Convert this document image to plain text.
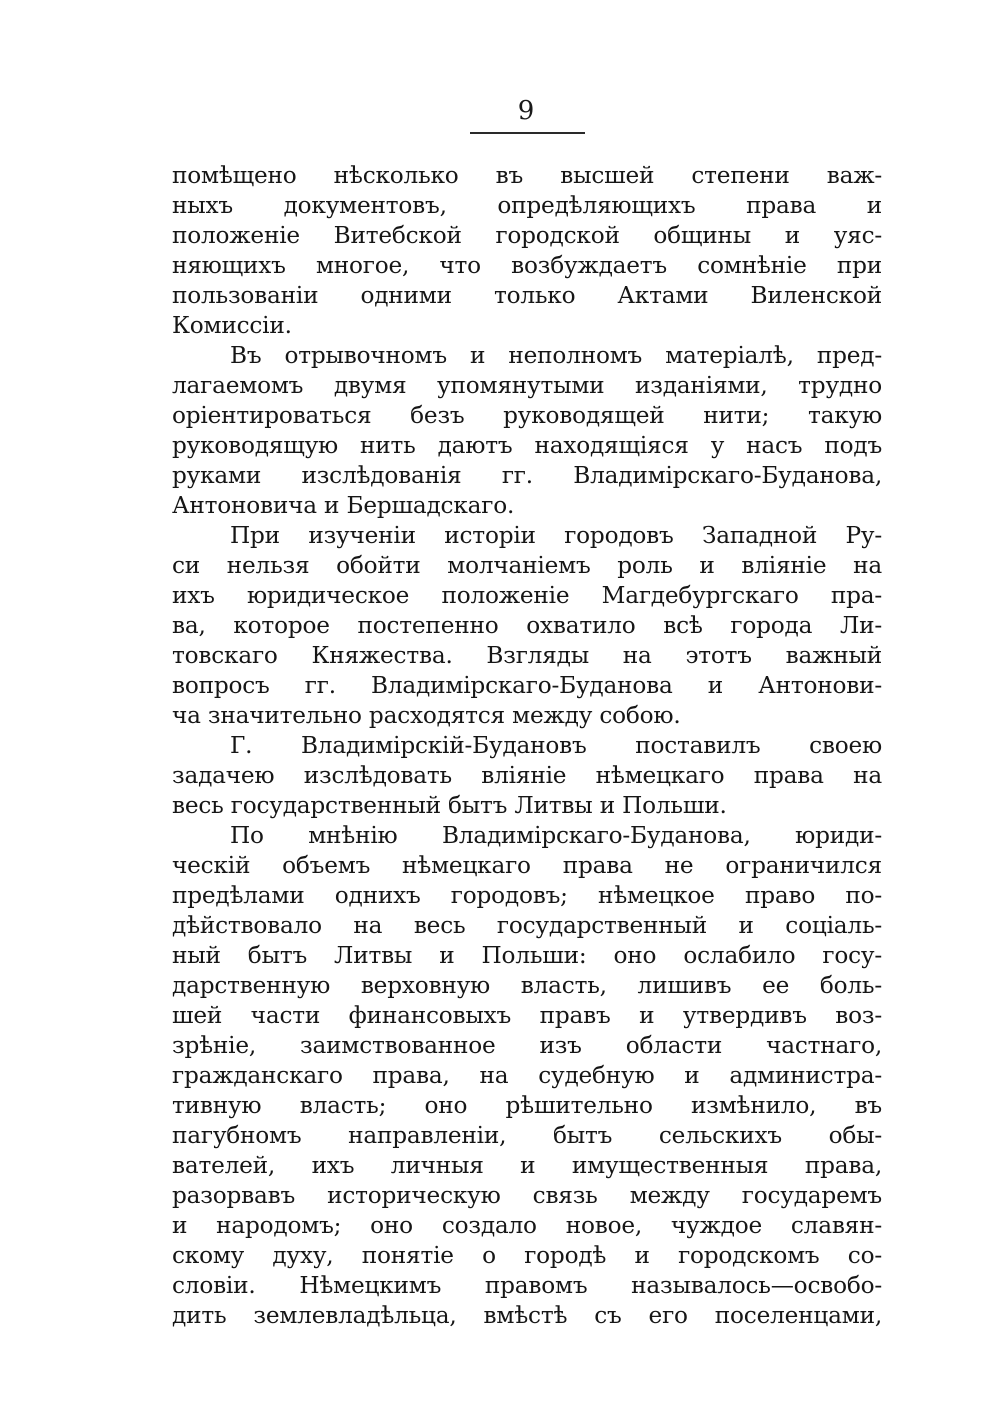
9
помѣщено нѣсколько въ высшей степени важ-
ныхъ документовъ, опредѣляющихъ права и
положеніе Витебской городской общины и уяс-
няющихъ многое, что возбуждаетъ сомнѣніе при
пользованіи одними только Актами Виленской
Комиссіи.
Въ отрывочномъ и неполномъ матеріалѣ, пред-
лагаемомъ двумя упомянутыми изданіями, трудно
оріентироваться безъ руководящей нити; такую
руководящую нить даютъ находящіяся у насъ подъ
руками изслѣдованія гг. Владимірскаго-Буданова,
Антоновича и Бершадскаго.
При изученіи исторіи городовъ Западной Ру-
си нельзя обойти молчаніемъ роль и вліяніе на
ихъ юридическое положеніе Магдебургскаго пра-
ва, которое постепенно охватило всѣ города Ли-
товскаго Княжества. Взгляды на этотъ важный
вопросъ гг. Владимірскаго-Буданова и Антонови-
ча значительно расходятся между собою.
Г. Владимірскій-Будановъ поставилъ своею
задачею изслѣдовать вліяніе нѣмецкаго права на
весь государственный бытъ Литвы и Польши.
По мнѣнію Владимірскаго-Буданова, юриди-
ческій объемъ нѣмецкаго права не ограничился
предѣлами однихъ городовъ; нѣмецкое право по-
дѣйствовало на весь государственный и соціаль-
ный бытъ Литвы и Польши: оно ослабило госу-
дарственную верховную власть, лишивъ ее боль-
шей части финансовыхъ правъ и утвердивъ воз-
зрѣніе, заимствованное изъ области частнаго,
гражданскаго права, на судебную и администра-
тивную власть; оно рѣшительно измѣнило, въ
пагубномъ направленіи, бытъ сельскихъ обы-
вателей, ихъ личныя и имущественныя права,
разорвавъ историческую связь между государемъ
и народомъ; оно создало новое, чуждое славян-
скому духу, понятіе о городѣ и городскомъ со-
словіи. Нѣмецкимъ правомъ называлось—освобо-
дить землевладѣльца, вмѣстѣ съ его поселенцами,
